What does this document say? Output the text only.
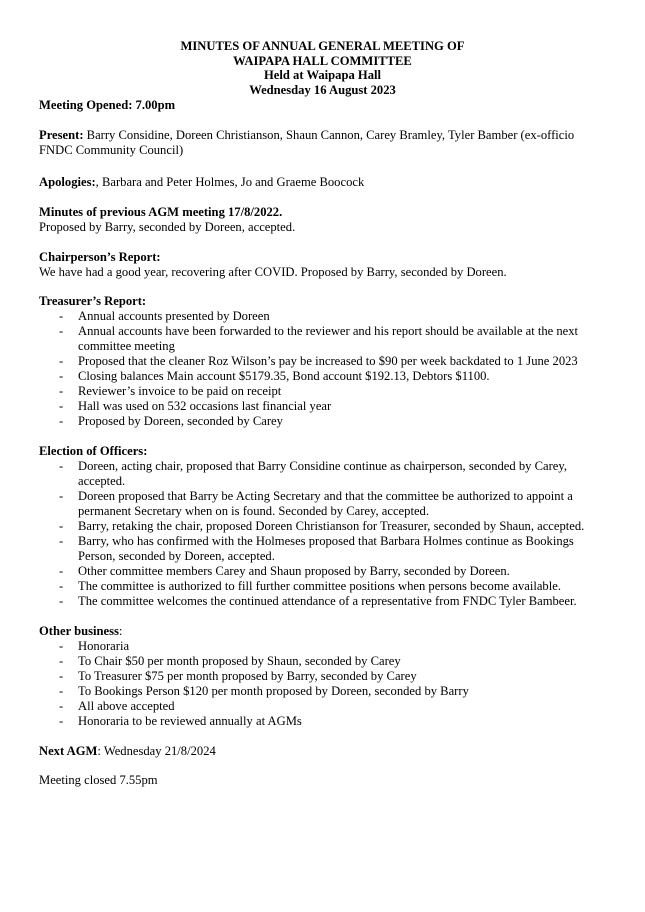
MINUTES OF ANNUAL GENERAL MEETING OF
WAIPAPA HALL COMMITTEE
Held at Waipapa Hall
Wednesday 16 August 2023
Meeting Opened: 7.00pm
Present: Barry Considine, Doreen Christianson, Shaun Cannon, Carey Bramley, Tyler Bamber (ex-officio
FNDC Community Council)
Apologies:, Barbara and Peter Holmes, Jo and Graeme Boocock
Minutes of previous AGM meeting 17/8/2022.
Proposed by Barry, seconded by Doreen, accepted.
Chairperson’s Report:
We have had a good year, recovering after COVID. Proposed by Barry, seconded by Doreen.
Treasurer’s Report:
- Annual accounts presented by Doreen
- Annual accounts have been forwarded to the reviewer and his report should be available at the next
committee meeting
- Proposed that the cleaner Roz Wilson’s pay be increased to $90 per week backdated to 1 June 2023
- Closing balances Main account $5179.35, Bond account $192.13, Debtors $1100.
- Reviewer’s invoice to be paid on receipt
- Hall was used on 532 occasions last financial year
- Proposed by Doreen, seconded by Carey
Election of Officers:
- Doreen, acting chair, proposed that Barry Considine continue as chairperson, seconded by Carey,
accepted.
- Doreen proposed that Barry be Acting Secretary and that the committee be authorized to appoint a
permanent Secretary when on is found. Seconded by Carey, accepted.
- Barry, retaking the chair, proposed Doreen Christianson for Treasurer, seconded by Shaun, accepted.
- Barry, who has confirmed with the Holmeses proposed that Barbara Holmes continue as Bookings
Person, seconded by Doreen, accepted.
- Other committee members Carey and Shaun proposed by Barry, seconded by Doreen.
- The committee is authorized to fill further committee positions when persons become available.
- The committee welcomes the continued attendance of a representative from FNDC Tyler Bambeer.
Other business:
- Honoraria
- To Chair $50 per month proposed by Shaun, seconded by Carey
- To Treasurer $75 per month proposed by Barry, seconded by Carey
- To Bookings Person $120 per month proposed by Doreen, seconded by Barry
- All above accepted
- Honoraria to be reviewed annually at AGMs
Next AGM: Wednesday 21/8/2024
Meeting closed 7.55pm
